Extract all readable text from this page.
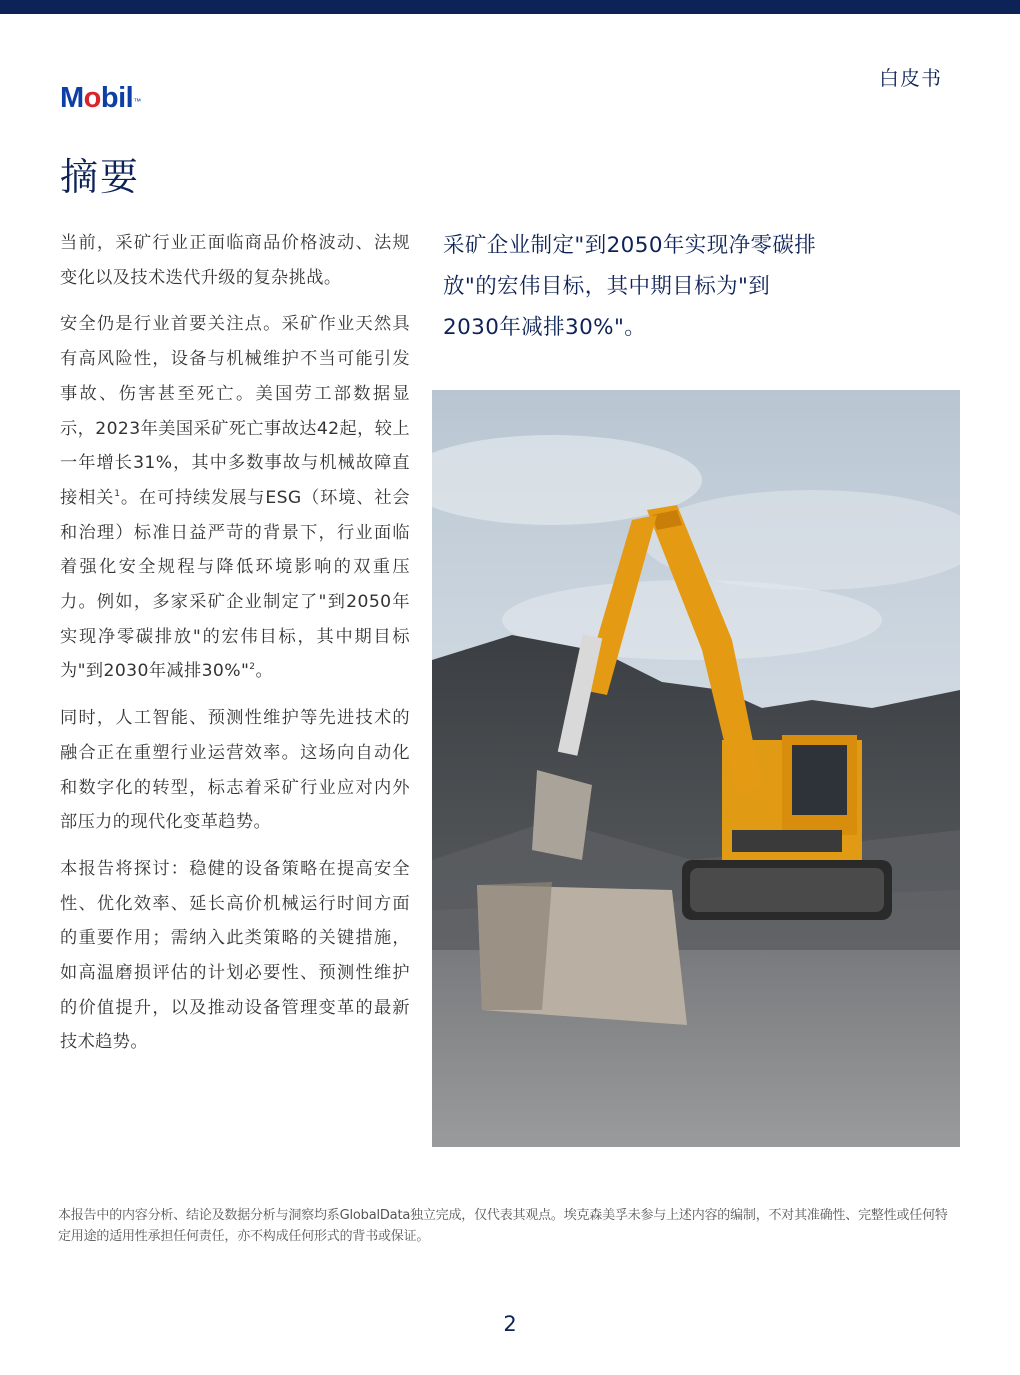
Mobil™
白皮书
摘要

当前，采矿行业正面临商品价格波动、法规变化以及技术迭代升级的复杂挑战。

安全仍是行业首要关注点。采矿作业天然具有高风险性，设备与机械维护不当可能引发事故、伤害甚至死亡。美国劳工部数据显示，2023年美国采矿死亡事故达42起，较上一年增长31%，其中多数事故与机械故障直接相关$^1$。在可持续发展与ESG（环境、社会和治理）标准日益严苛的背景下，行业面临着强化安全规程与降低环境影响的双重压力。例如，多家采矿企业制定了"到2050年实现净零碳排放"的宏伟目标，其中期目标为"到2030年减排30%"$^2$。

同时，人工智能、预测性维护等先进技术的融合正在重塑行业运营效率。这场向自动化和数字化的转型，标志着采矿行业应对内外部压力的现代化变革趋势。

本报告将探讨：稳健的设备策略在提高安全性、优化效率、延长高价机械运行时间方面的重要作用；需纳入此类策略的关键措施，如高温磨损评估的计划必要性、预测性维护的价值提升，以及推动设备管理变革的最新技术趋势。

采矿企业制定"到2050年实现净零碳排放"的宏伟目标，其中期目标为"到2030年减排30%"。
本报告中的内容分析、结论及数据分析与洞察均系GlobalData独立完成，仅代表其观点。埃克森美孚未参与上述内容的编制，不对其准确性、完整性或任何特定用途的适用性承担任何责任，亦不构成任何形式的背书或保证。
2
